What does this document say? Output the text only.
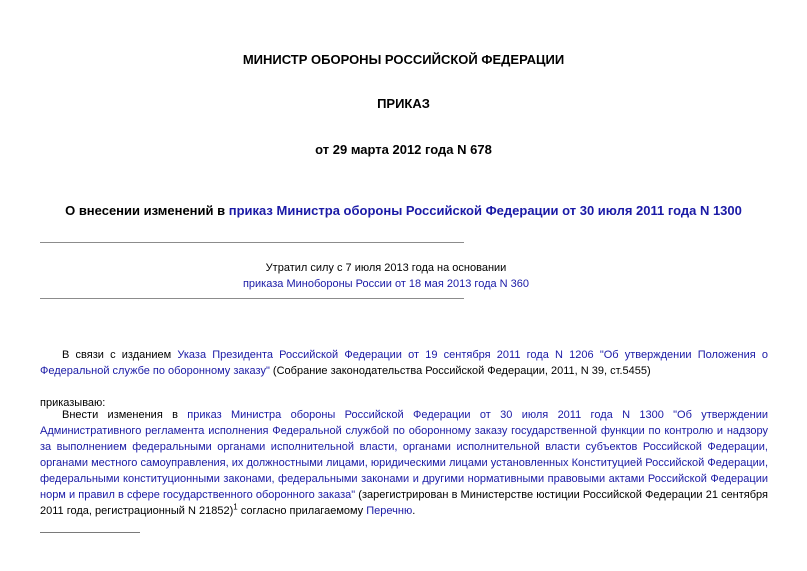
МИНИСТР ОБОРОНЫ РОССИЙСКОЙ ФЕДЕРАЦИИ
ПРИКАЗ
от 29 марта 2012 года N 678
О внесении изменений в приказ Министра обороны Российской Федерации от 30 июля 2011 года N 1300
Утратил силу с 7 июля 2013 года на основании
приказа Минобороны России от 18 мая 2013 года N 360
В связи с изданием Указа Президента Российской Федерации от 19 сентября 2011 года N 1206 "Об утверждении Положения о Федеральной службе по оборонному заказу" (Собрание законодательства Российской Федерации, 2011, N 39, ст.5455)
приказываю:
Внести изменения в приказ Министра обороны Российской Федерации от 30 июля 2011 года N 1300 "Об утверждении Административного регламента исполнения Федеральной службой по оборонному заказу государственной функции по контролю и надзору за выполнением федеральными органами исполнительной власти, органами исполнительной власти субъектов Российской Федерации, органами местного самоуправления, их должностными лицами, юридическими лицами установленных Конституцией Российской Федерации, федеральными конституционными законами, федеральными законами и другими нормативными правовыми актами Российской Федерации норм и правил в сфере государственного оборонного заказа" (зарегистрирован в Министерстве юстиции Российской Федерации 21 сентября 2011 года, регистрационный N 21852)$^1$ согласно прилагаемому Перечню.
